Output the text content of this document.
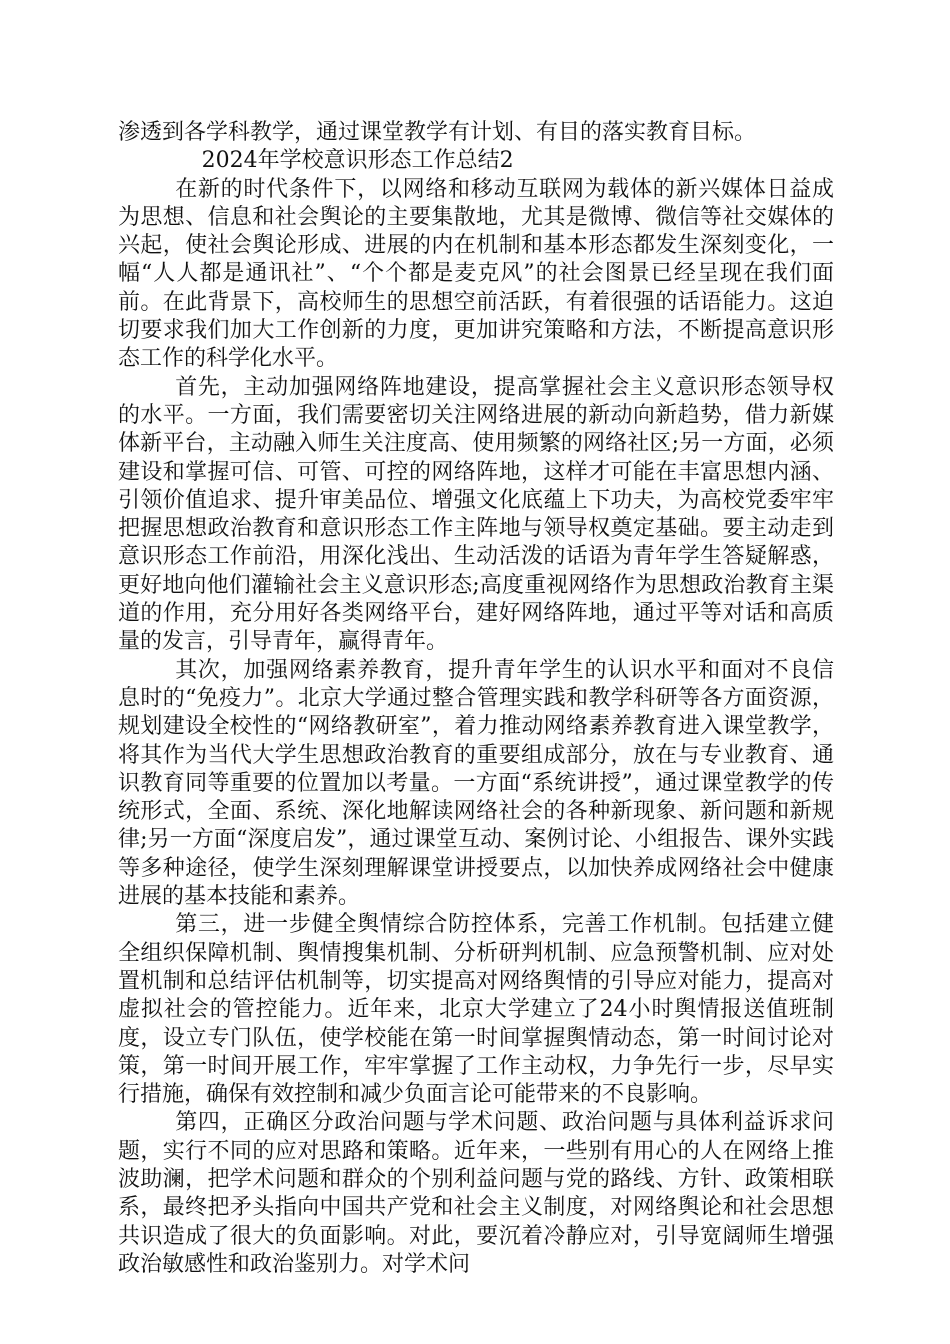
渗透到各学科教学，通过课堂教学有计划、有目的落实教育目标。

2024年学校意识形态工作总结2

在新的时代条件下，以网络和移动互联网为载体的新兴媒体日益成为思想、信息和社会舆论的主要集散地，尤其是微博、微信等社交媒体的兴起，使社会舆论形成、进展的内在机制和基本形态都发生深刻变化，一幅“人人都是通讯社”、“个个都是麦克风”的社会图景已经呈现在我们面前。在此背景下，高校师生的思想空前活跃，有着很强的话语能力。这迫切要求我们加大工作创新的力度，更加讲究策略和方法，不断提高意识形态工作的科学化水平。

首先，主动加强网络阵地建设，提高掌握社会主义意识形态领导权的水平。一方面，我们需要密切关注网络进展的新动向新趋势，借力新媒体新平台，主动融入师生关注度高、使用频繁的网络社区;另一方面，必须建设和掌握可信、可管、可控的网络阵地，这样才可能在丰富思想内涵、引领价值追求、提升审美品位、增强文化底蕴上下功夫，为高校党委牢牢把握思想政治教育和意识形态工作主阵地与领导权奠定基础。要主动走到意识形态工作前沿，用深化浅出、生动活泼的话语为青年学生答疑解惑，更好地向他们灌输社会主义意识形态;高度重视网络作为思想政治教育主渠道的作用，充分用好各类网络平台，建好网络阵地，通过平等对话和高质量的发言，引导青年，赢得青年。

其次，加强网络素养教育，提升青年学生的认识水平和面对不良信息时的“免疫力”。北京大学通过整合管理实践和教学科研等各方面资源，规划建设全校性的“网络教研室”，着力推动网络素养教育进入课堂教学，将其作为当代大学生思想政治教育的重要组成部分，放在与专业教育、通识教育同等重要的位置加以考量。一方面“系统讲授”，通过课堂教学的传统形式，全面、系统、深化地解读网络社会的各种新现象、新问题和新规律;另一方面“深度启发”，通过课堂互动、案例讨论、小组报告、课外实践等多种途径，使学生深刻理解课堂讲授要点，以加快养成网络社会中健康进展的基本技能和素养。

第三，进一步健全舆情综合防控体系，完善工作机制。包括建立健全组织保障机制、舆情搜集机制、分析研判机制、应急预警机制、应对处置机制和总结评估机制等，切实提高对网络舆情的引导应对能力，提高对虚拟社会的管控能力。近年来，北京大学建立了24小时舆情报送值班制度，设立专门队伍，使学校能在第一时间掌握舆情动态，第一时间讨论对策，第一时间开展工作，牢牢掌握了工作主动权，力争先行一步，尽早实行措施，确保有效控制和减少负面言论可能带来的不良影响。

第四，正确区分政治问题与学术问题、政治问题与具体利益诉求问题，实行不同的应对思路和策略。近年来，一些别有用心的人在网络上推波助澜，把学术问题和群众的个别利益问题与党的路线、方针、政策相联系，最终把矛头指向中国共产党和社会主义制度，对网络舆论和社会思想共识造成了很大的负面影响。对此，要沉着冷静应对，引导宽阔师生增强政治敏感性和政治鉴别力。对学术问
